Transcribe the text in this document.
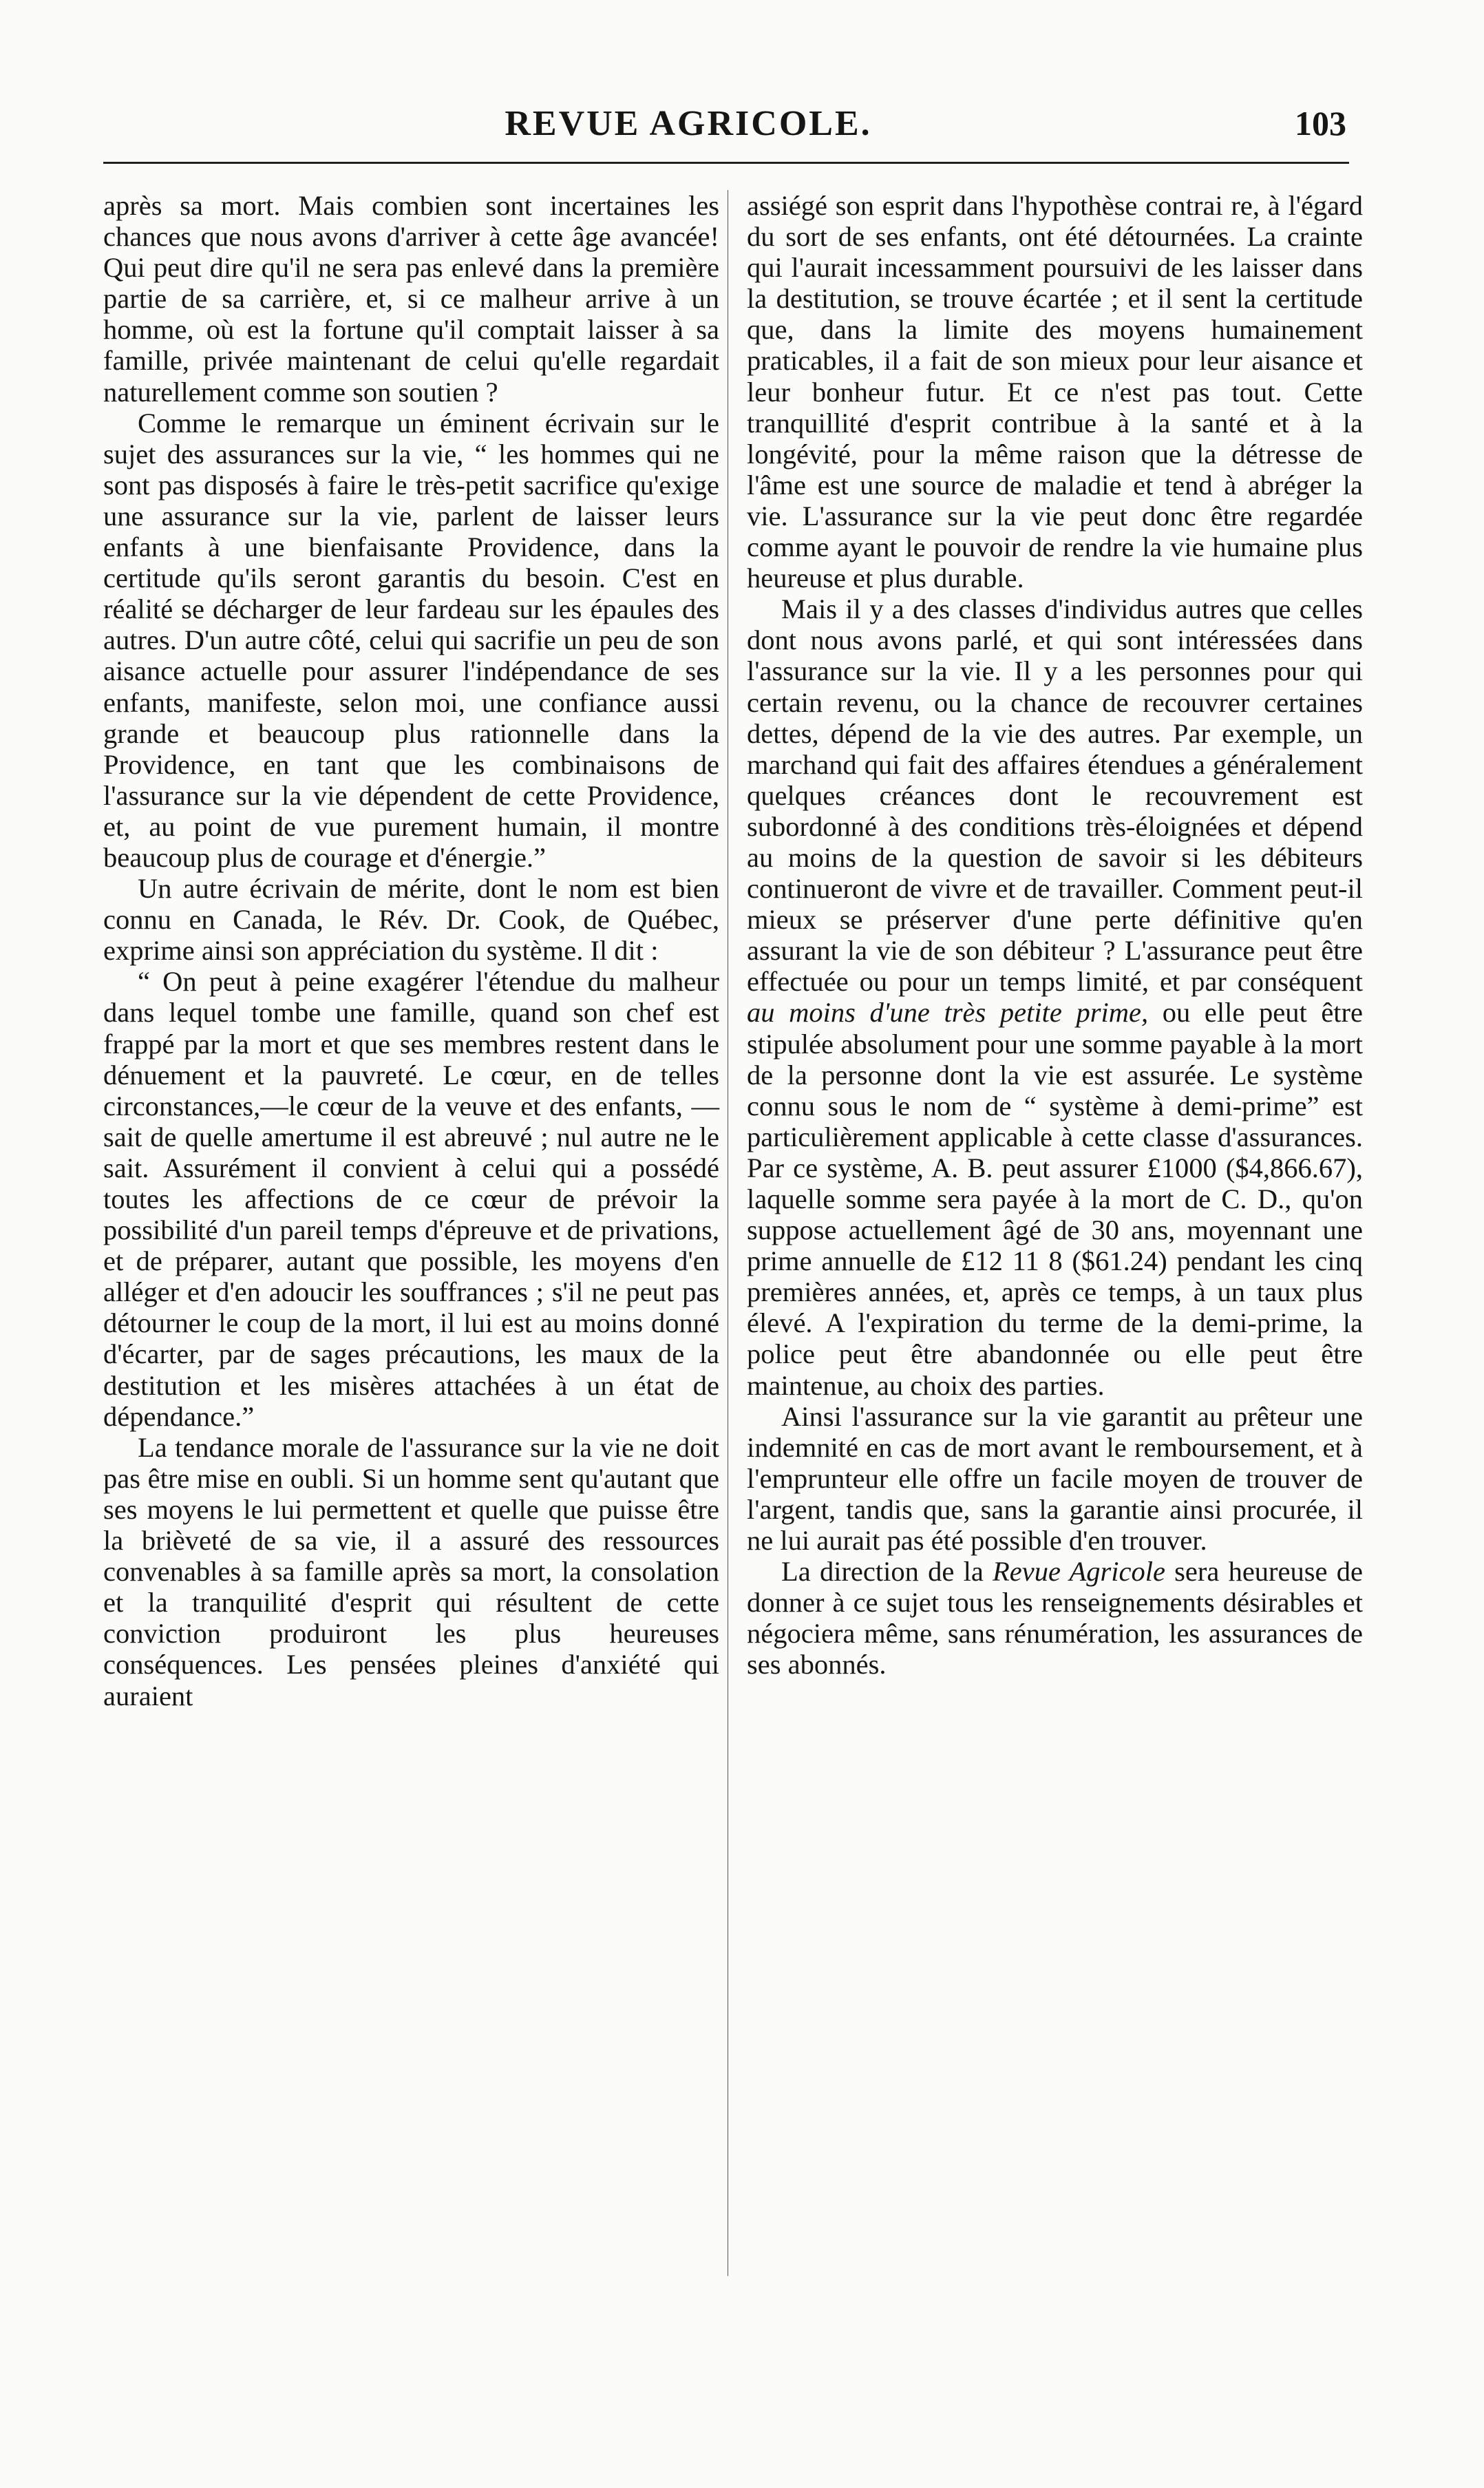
REVUE AGRICOLE.	103

après sa mort. Mais combien sont incertaines les chances que nous avons d'arriver à cette âge avancée! Qui peut dire qu'il ne sera pas enlevé dans la première partie de sa carrière, et, si ce malheur arrive à un homme, où est la fortune qu'il comptait laisser à sa famille, privée maintenant de celui qu'elle regardait naturellement comme son soutien ?

Comme le remarque un éminent écrivain sur le sujet des assurances sur la vie, “ les hommes qui ne sont pas disposés à faire le très-petit sacrifice qu'exige une assurance sur la vie, parlent de laisser leurs enfants à une bienfaisante Providence, dans la certitude qu'ils seront garantis du besoin. C'est en réalité se décharger de leur fardeau sur les épaules des autres. D'un autre côté, celui qui sacrifie un peu de son aisance actuelle pour assurer l'indépendance de ses enfants, manifeste, selon moi, une confiance aussi grande et beaucoup plus rationnelle dans la Providence, en tant que les combinaisons de l'assurance sur la vie dépendent de cette Providence, et, au point de vue purement humain, il montre beaucoup plus de courage et d'énergie.”

Un autre écrivain de mérite, dont le nom est bien connu en Canada, le Rév. Dr. Cook, de Québec, exprime ainsi son appréciation du système. Il dit :

“ On peut à peine exagérer l'étendue du malheur dans lequel tombe une famille, quand son chef est frappé par la mort et que ses membres restent dans le dénuement et la pauvreté. Le cœur, en de telles circonstances,—le cœur de la veuve et des enfants, —sait de quelle amertume il est abreuvé ; nul autre ne le sait. Assurément il convient à celui qui a possédé toutes les affections de ce cœur de prévoir la possibilité d'un pareil temps d'épreuve et de privations, et de préparer, autant que possible, les moyens d'en alléger et d'en adoucir les souffrances ; s'il ne peut pas détourner le coup de la mort, il lui est au moins donné d'écarter, par de sages précautions, les maux de la destitution et les misères attachées à un état de dépendance.”

La tendance morale de l'assurance sur la vie ne doit pas être mise en oubli. Si un homme sent qu'autant que ses moyens le lui permettent et quelle que puisse être la brièveté de sa vie, il a assuré des ressources convenables à sa famille après sa mort, la consolation et la tranquilité d'esprit qui résultent de cette conviction produiront les plus heureuses conséquences. Les pensées pleines d'anxiété qui auraient

assiégé son esprit dans l'hypothèse contrai re, à l'égard du sort de ses enfants, ont été détournées. La crainte qui l'aurait incessamment poursuivi de les laisser dans la destitution, se trouve écartée ; et il sent la certitude que, dans la limite des moyens humainement praticables, il a fait de son mieux pour leur aisance et leur bonheur futur. Et ce n'est pas tout. Cette tranquillité d'esprit contribue à la santé et à la longévité, pour la même raison que la détresse de l'âme est une source de maladie et tend à abréger la vie. L'assurance sur la vie peut donc être regardée comme ayant le pouvoir de rendre la vie humaine plus heureuse et plus durable.

Mais il y a des classes d'individus autres que celles dont nous avons parlé, et qui sont intéressées dans l'assurance sur la vie. Il y a les personnes pour qui certain revenu, ou la chance de recouvrer certaines dettes, dépend de la vie des autres. Par exemple, un marchand qui fait des affaires étendues a généralement quelques créances dont le recouvrement est subordonné à des conditions très-éloignées et dépend au moins de la question de savoir si les débiteurs continueront de vivre et de travailler. Comment peut-il mieux se préserver d'une perte définitive qu'en assurant la vie de son débiteur ? L'assurance peut être effectuée ou pour un temps limité, et par conséquent au moins d'une très petite prime, ou elle peut être stipulée absolument pour une somme payable à la mort de la personne dont la vie est assurée. Le système connu sous le nom de “ système à demi-prime” est particulièrement applicable à cette classe d'assurances. Par ce système, A. B. peut assurer £1000 ($4,866.67), laquelle somme sera payée à la mort de C. D., qu'on suppose actuellement âgé de 30 ans, moyennant une prime annuelle de £12 11 8 ($61.24) pendant les cinq premières années, et, après ce temps, à un taux plus élevé. A l'expiration du terme de la demi-prime, la police peut être abandonnée ou elle peut être maintenue, au choix des parties.

Ainsi l'assurance sur la vie garantit au prêteur une indemnité en cas de mort avant le remboursement, et à l'emprunteur elle offre un facile moyen de trouver de l'argent, tandis que, sans la garantie ainsi procurée, il ne lui aurait pas été possible d'en trouver.

La direction de la Revue Agricole sera heureuse de donner à ce sujet tous les renseignements désirables et négociera même, sans rénumération, les assurances de ses abonnés.
